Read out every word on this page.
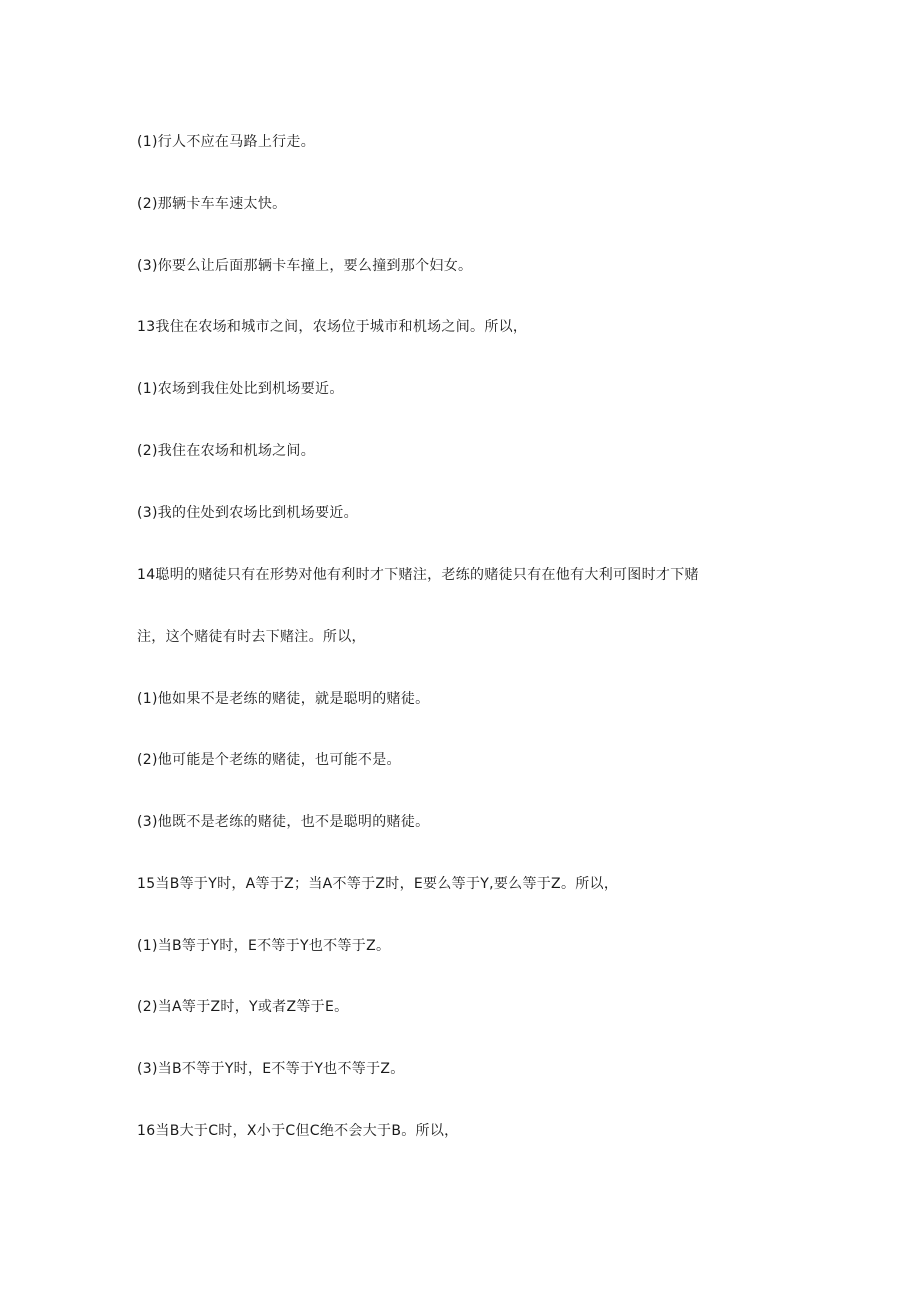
(1)行人不应在马路上行走。
(2)那辆卡车车速太快。
(3)你要么让后面那辆卡车撞上，要么撞到那个妇女。
13我住在农场和城市之间，农场位于城市和机场之间。所以，
(1)农场到我住处比到机场要近。
(2)我住在农场和机场之间。
(3)我的住处到农场比到机场要近。
14聪明的赌徒只有在形势对他有利时才下赌注，老练的赌徒只有在他有大利可图时才下赌
注，这个赌徒有时去下赌注。所以，
(1)他如果不是老练的赌徒，就是聪明的赌徒。
(2)他可能是个老练的赌徒，也可能不是。
(3)他既不是老练的赌徒，也不是聪明的赌徒。
15当B等于Y时，A等于Z；当A不等于Z时，E要么等于Y,要么等于Z。所以，
(1)当B等于Y时，E不等于Y也不等于Z。
(2)当A等于Z时，Y或者Z等于E。
(3)当B不等于Y时，E不等于Y也不等于Z。
16当B大于C时，X小于C但C绝不会大于B。所以，
